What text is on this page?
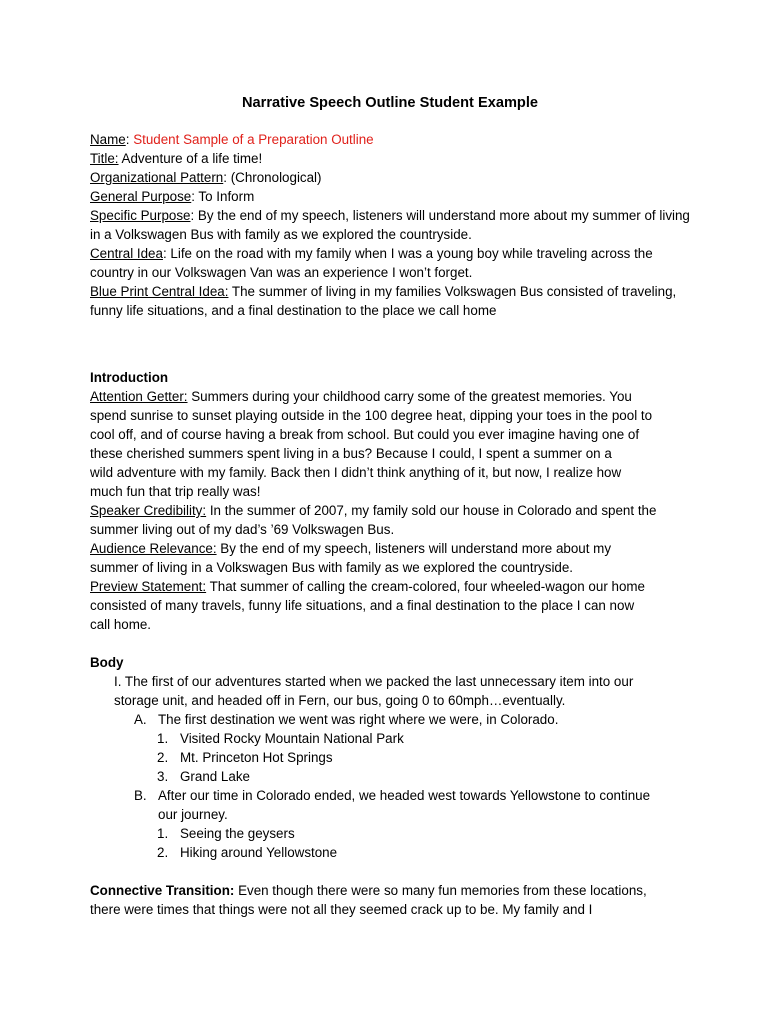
Narrative Speech Outline Student Example

Name: Student Sample of a Preparation Outline

Title: Adventure of a life time!

Organizational Pattern: (Chronological)

General Purpose: To Inform

Specific Purpose: By the end of my speech, listeners will understand more about my summer of living in a Volkswagen Bus with family as we explored the countryside.

Central Idea: Life on the road with my family when I was a young boy while traveling across the country in our Volkswagen Van was an experience I won’t forget.

Blue Print Central Idea: The summer of living in my families Volkswagen Bus consisted of traveling, funny life situations, and a final destination to the place we call home

Introduction

Attention Getter: Summers during your childhood carry some of the greatest memories. You

spend sunrise to sunset playing outside in the 100 degree heat, dipping your toes in the pool to

cool off, and of course having a break from school. But could you ever imagine having one of

these cherished summers spent living in a bus? Because I could, I spent a summer on a

wild adventure with my family. Back then I didn’t think anything of it, but now, I realize how

much fun that trip really was!

Speaker Credibility: In the summer of 2007, my family sold our house in Colorado and spent the

summer living out of my dad’s ’69 Volkswagen Bus.

Audience Relevance: By the end of my speech, listeners will understand more about my

summer of living in a Volkswagen Bus with family as we explored the countryside.

Preview Statement: That summer of calling the cream-colored, four wheeled-wagon our home

consisted of many travels, funny life situations, and a final destination to the place I can now

call home.

Body

I. The first of our adventures started when we packed the last unnecessary item into our

storage unit, and headed off in Fern, our bus, going 0 to 60mph…eventually.

A. The first destination we went was right where we were, in Colorado.
1. Visited Rocky Mountain National Park
2. Mt. Princeton Hot Springs
3. Grand Lake
B. After our time in Colorado ended, we headed west towards Yellowstone to continue
our journey.
1. Seeing the geysers
2. Hiking around Yellowstone

Connective Transition: Even though there were so many fun memories from these locations,

there were times that things were not all they seemed crack up to be. My family and I
